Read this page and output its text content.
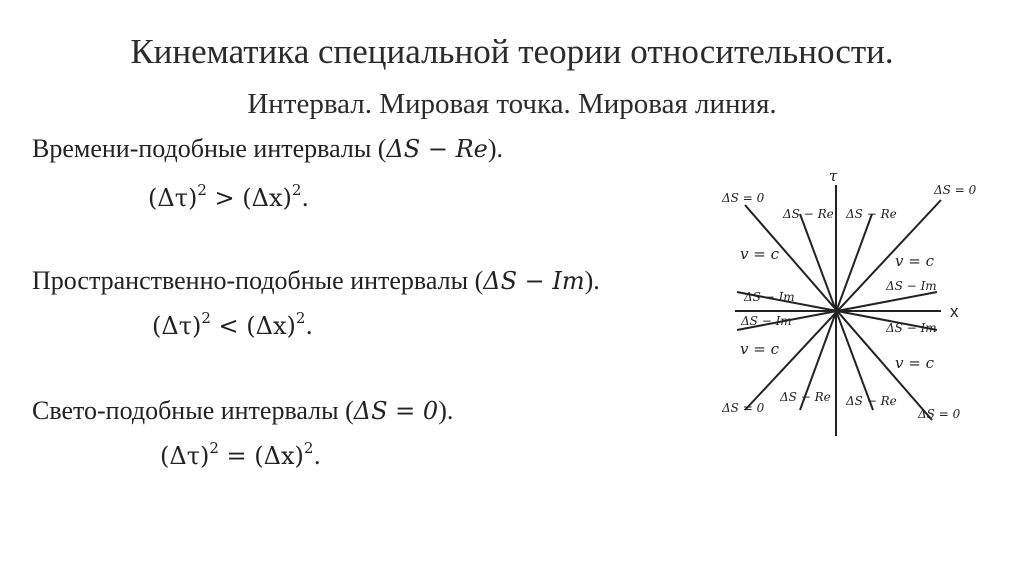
Кинематика специальной теории относительности.
Интервал. Мировая точка. Мировая линия.
Времени-подобные интервалы (ΔS − Re).
$(\Delta\tau)^2 > (\Delta x)^2$.
Пространственно-подобные интервалы (ΔS − Im).
$(\Delta\tau)^2 < (\Delta x)^2$.
Свето-подобные интервалы (ΔS = 0).
$(\Delta\tau)^2 = (\Delta x)^2$.
τ
x
ΔS = 0
ΔS = 0
ΔS = 0	ΔS = 0
ΔS − Re ΔS − Re
ΔS − Re ΔS − Re
ΔS − Im
ΔS − Im
ΔS − Im
ΔS − Im
v = c	v = c
v = c
v = c
